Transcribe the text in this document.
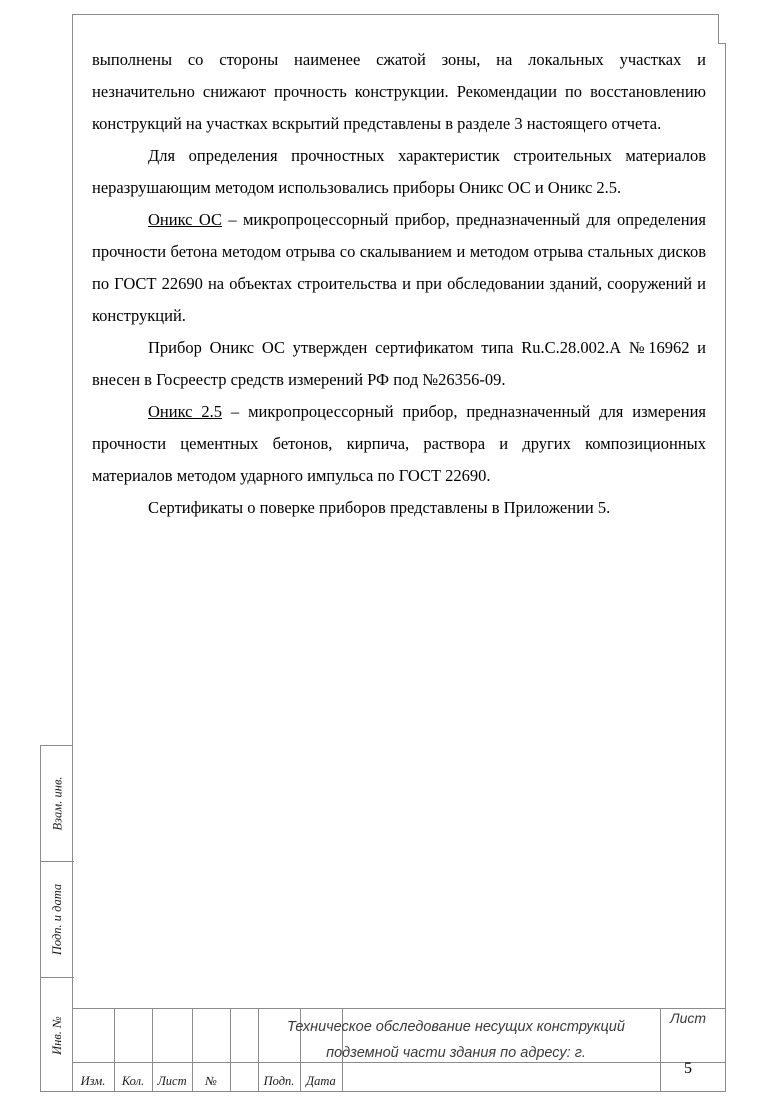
выполнены со стороны наименее сжатой зоны, на локальных участках и незначительно снижают прочность конструкции. Рекомендации по восстановлению конструкций на участках вскрытий представлены в разделе 3 настоящего отчета.

Для определения прочностных характеристик строительных материалов неразрушающим методом использовались приборы Оникс ОС и Оникс 2.5.

Оникс ОС – микропроцессорный прибор, предназначенный для определения прочности бетона методом отрыва со скалыванием и методом отрыва стальных дисков по ГОСТ 22690 на объектах строительства и при обследовании зданий, сооружений и конструкций.

Прибор Оникс ОС утвержден сертификатом типа Ru.C.28.002.А №16962 и внесен в Госреестр средств измерений РФ под №26356-09.

Оникс 2.5 – микропроцессорный прибор, предназначенный для измерения прочности цементных бетонов, кирпича, раствора и других композиционных материалов методом ударного импульса по ГОСТ 22690.

Сертификаты о поверке приборов представлены в Приложении 5.

Взам. инв.
Подп. и дата
Инв. №
Изм.	Кол.	Лист	№	Подп. Дата
Техническое обследование несущих конструкций
подземной части здания по адресу: г.
Лист
5
